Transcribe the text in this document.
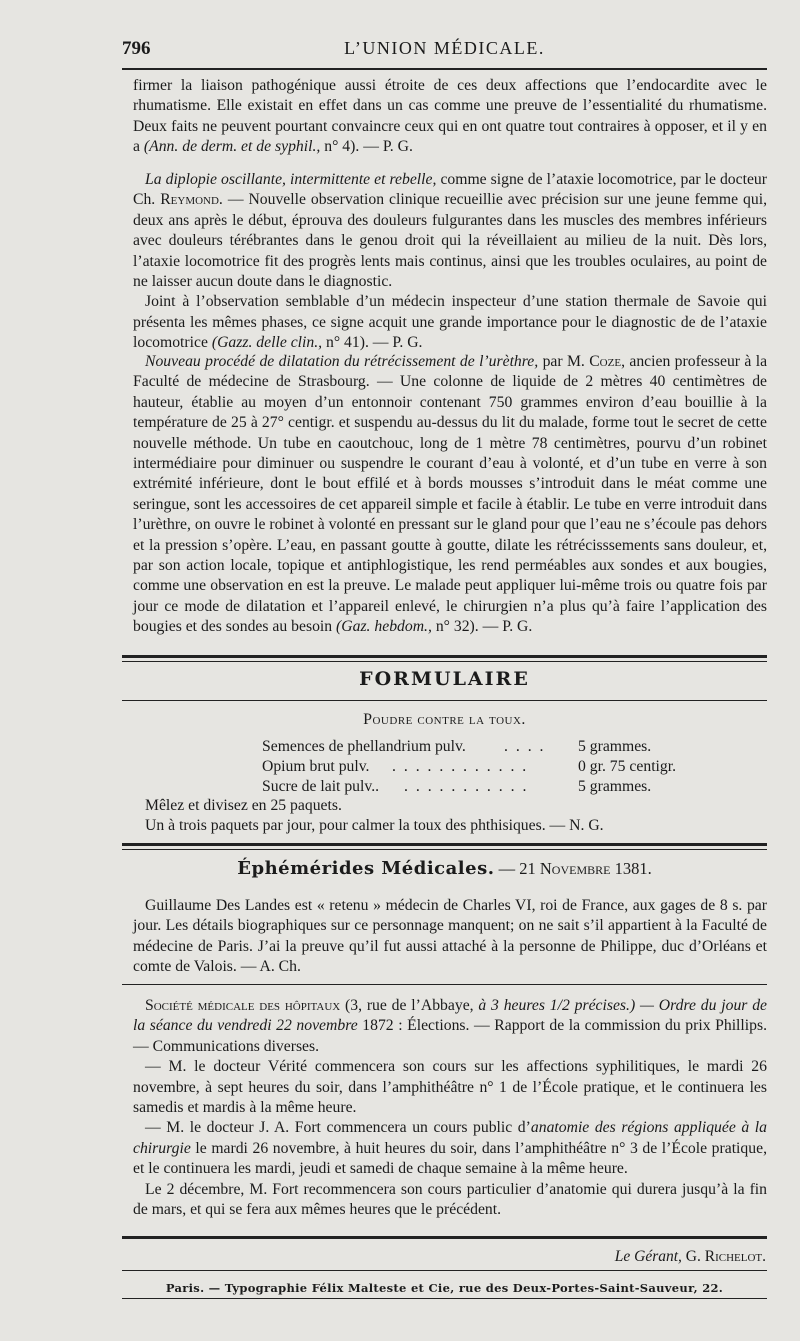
796	L’UNION MÉDICALE.

firmer la liaison pathogénique aussi étroite de ces deux affections que l’endocardite avec le rhumatisme. Elle existait en effet dans un cas comme une preuve de l’essentialité du rhumatisme. Deux faits ne peuvent pourtant convaincre ceux qui en ont quatre tout contraires à opposer, et il y en a (Ann. de derm. et de syphil., n° 4). — P. G.

La diplopie oscillante, intermittente et rebelle, comme signe de l’ataxie locomotrice, par le docteur Ch. Reymond. — Nouvelle observation clinique recueillie avec précision sur une jeune femme qui, deux ans après le début, éprouva des douleurs fulgurantes dans les muscles des membres inférieurs avec douleurs térébrantes dans le genou droit qui la réveillaient au milieu de la nuit. Dès lors, l’ataxie locomotrice fit des progrès lents mais continus, ainsi que les troubles oculaires, au point de ne laisser aucun doute dans le diagnostic.

Joint à l’observation semblable d’un médecin inspecteur d’une station thermale de Savoie qui présenta les mêmes phases, ce signe acquit une grande importance pour le diagnostic de de l’ataxie locomotrice (Gazz. delle clin., n° 41). — P. G.

Nouveau procédé de dilatation du rétrécissement de l’urèthre, par M. Coze, ancien professeur à la Faculté de médecine de Strasbourg. — Une colonne de liquide de 2 mètres 40 centimètres de hauteur, établie au moyen d’un entonnoir contenant 750 grammes environ d’eau bouillie à la température de 25 à 27° centigr. et suspendu au-dessus du lit du malade, forme tout le secret de cette nouvelle méthode. Un tube en caoutchouc, long de 1 mètre 78 centimètres, pourvu d’un robinet intermédiaire pour diminuer ou suspendre le courant d’eau à volonté, et d’un tube en verre à son extrémité inférieure, dont le bout effilé et à bords mousses s’introduit dans le méat comme une seringue, sont les accessoires de cet appareil simple et facile à établir. Le tube en verre introduit dans l’urèthre, on ouvre le robinet à volonté en pressant sur le gland pour que l’eau ne s’écoule pas dehors et la pression s’opère. L’eau, en passant goutte à goutte, dilate les rétrécisssements sans douleur, et, par son action locale, topique et antiphlogistique, les rend perméables aux sondes et aux bougies, comme une observation en est la preuve. Le malade peut appliquer lui-même trois ou quatre fois par jour ce mode de dilatation et l’appareil enlevé, le chirurgien n’a plus qu’à faire l’application des bougies et des sondes au besoin (Gaz. hebdom., n° 32). — P. G.

FORMULAIRE
Poudre contre la toux.
Semences de phellandrium pulv. . . . . 5 grammes.
Opium brut pulv. . . . . . . . . . . . .	0 gr. 75 centigr.
Sucre de lait pulv.. . . . . . . . . . . .	5 grammes.

Mêlez et divisez en 25 paquets.

Un à trois paquets par jour, pour calmer la toux des phthisiques. — N. G.

Éphémérides Médicales. — 21 Novembre 1381.

Guillaume Des Landes est « retenu » médecin de Charles VI, roi de France, aux gages de 8 s. par jour. Les détails biographiques sur ce personnage manquent; on ne sait s’il appartient à la Faculté de médecine de Paris. J’ai la preuve qu’il fut aussi attaché à la personne de Philippe, duc d’Orléans et comte de Valois. — A. Ch.

Société médicale des hôpitaux (3, rue de l’Abbaye, à 3 heures 1/2 précises.) — Ordre du jour de la séance du vendredi 22 novembre 1872 : Élections. — Rapport de la commission du prix Phillips. — Communications diverses.

— M. le docteur Vérité commencera son cours sur les affections syphilitiques, le mardi 26 novembre, à sept heures du soir, dans l’amphithéâtre n° 1 de l’École pratique, et le continuera les samedis et mardis à la même heure.

— M. le docteur J. A. Fort commencera un cours public d’anatomie des régions appliquée à la chirurgie le mardi 26 novembre, à huit heures du soir, dans l’amphithéâtre n° 3 de l’École pratique, et le continuera les mardi, jeudi et samedi de chaque semaine à la même heure.

Le 2 décembre, M. Fort recommencera son cours particulier d’anatomie qui durera jusqu’à la fin de mars, et qui se fera aux mêmes heures que le précédent.

Le Gérant, G. Richelot.
Paris. — Typographie Félix Malteste et Cie, rue des Deux-Portes-Saint-Sauveur, 22.
